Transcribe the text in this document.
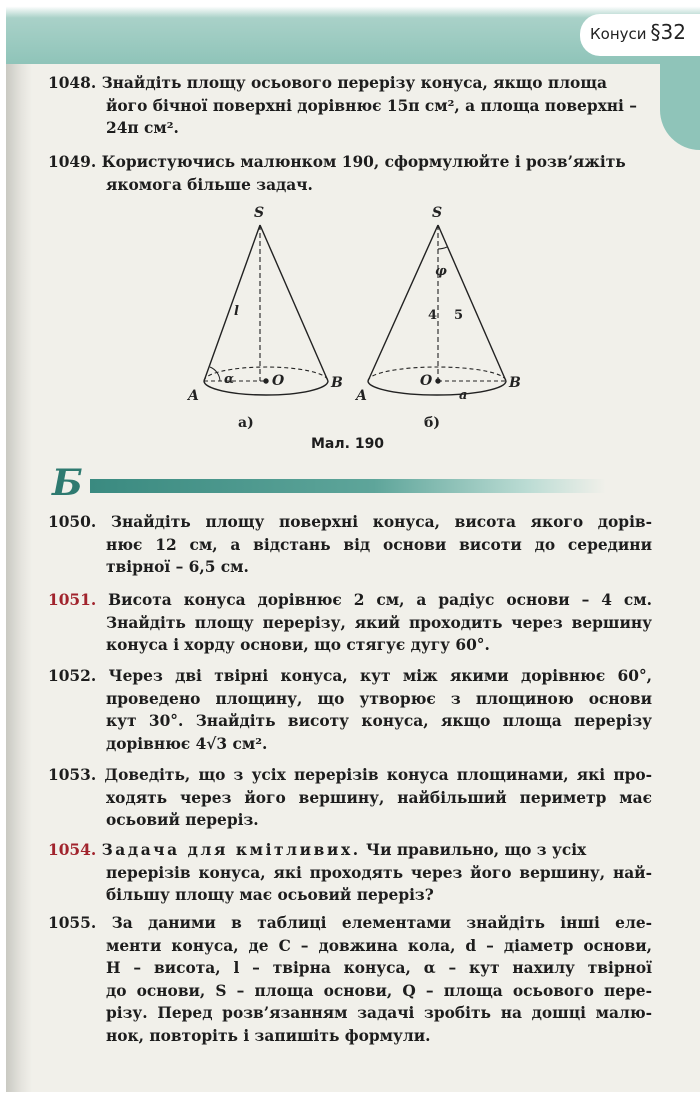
Конуси §32
1048. Знайдіть площу осьового перерізу конуса, якщо площа
його бічної поверхні дорівнює 15π см², а площа поверхні –
24π см².
1049. Користуючись малюнком 190, сформулюйте і розв’яжіть
якомога більше задач.
S
A
B
O
l
α
а)
S
A
B
O
4 5
φ
a
б)
Мал. 190
Б
1050. Знайдіть площу поверхні конуса, висота якого дорів-
нює 12 см, а відстань від основи висоти до середини
твірної – 6,5 см.
1051. Висота конуса дорівнює 2 см, а радіус основи – 4 см.
Знайдіть площу перерізу, який проходить через вершину
конуса і хорду основи, що стягує дугу 60°.
1052. Через дві твірні конуса, кут між якими дорівнює 60°,
проведено площину, що утворює з площиною основи
кут 30°. Знайдіть висоту конуса, якщо площа перерізу
дорівнює 4√3 см².
1053. Доведіть, що з усіх перерізів конуса площинами, які про-
ходять через його вершину, найбільший периметр має
осьовий переріз.
1054. Задача для кмітливих. Чи правильно, що з усіх
перерізів конуса, які проходять через його вершину, най-
більшу площу має осьовий переріз?
1055. За даними в таблиці елементами знайдіть інші еле-
менти конуса, де C – довжина кола, d – діаметр основи,
H – висота, l – твірна конуса, α – кут нахилу твірної
до основи, S – площа основи, Q – площа осьового пере-
різу. Перед розв’язанням задачі зробіть на дошці малю-
нок, повторіть і запишіть формули.
